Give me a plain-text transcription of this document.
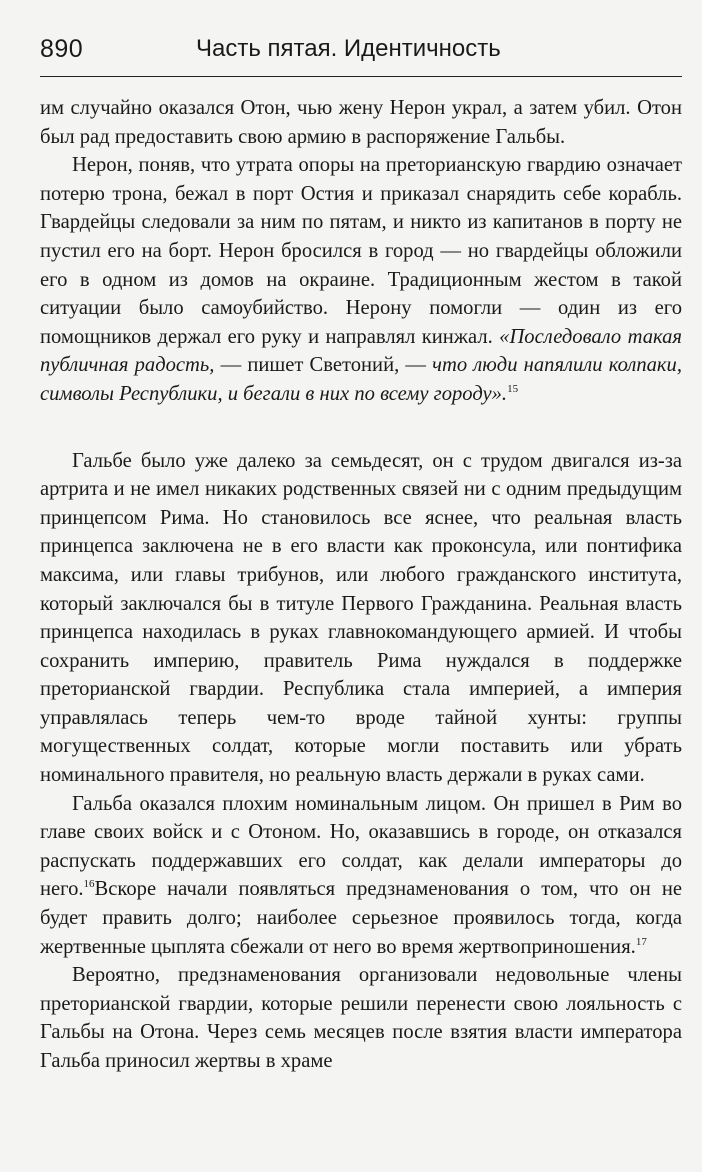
890	Часть пятая. Идентичность

им случайно оказался Отон, чью жену Нерон украл, а затем убил. Отон был рад предоставить свою армию в распоряжение Гальбы.

Нерон, поняв, что утрата опоры на преторианскую гвардию означает потерю трона, бежал в порт Остия и приказал снарядить себе корабль. Гвардейцы следовали за ним по пятам, и никто из капитанов в порту не пустил его на борт. Нерон бросился в город — но гвардейцы обложили его в одном из домов на окраине. Традиционным жестом в такой ситуации было самоубийство. Нерону помогли — один из его помощников держал его руку и направлял кинжал. «Последовало такая публичная радость, — пишет Светоний, — что люди напялили колпаки, символы Республики, и бегали в них по всему городу».$^{15}$

Гальбе было уже далеко за семьдесят, он с трудом двигался из-за артрита и не имел никаких родственных связей ни с одним предыдущим принцепсом Рима. Но становилось все яснее, что реальная власть принцепса заключена не в его власти как проконсула, или понтифика максима, или главы трибунов, или любого гражданского института, который заключался бы в титуле Первого Гражданина. Реальная власть принцепса находилась в руках главнокомандующего армией. И чтобы сохранить империю, правитель Рима нуждался в поддержке преторианской гвардии. Республика стала империей, а империя управлялась теперь чем-то вроде тайной хунты: группы могущественных солдат, которые могли поставить или убрать номинального правителя, но реальную власть держали в руках сами.

Гальба оказался плохим номинальным лицом. Он пришел в Рим во главе своих войск и с Отоном. Но, оказавшись в городе, он отказался распускать поддержавших его солдат, как делали императоры до него.$^{16}$Вскоре начали появляться предзнаменования о том, что он не будет править долго; наиболее серьезное проявилось тогда, когда жертвенные цыплята сбежали от него во время жертвоприношения.$^{17}$

Вероятно, предзнаменования организовали недовольные члены преторианской гвардии, которые решили перенести свою лояльность с Гальбы на Отона. Через семь месяцев после взятия власти императора Гальба приносил жертвы в храме
